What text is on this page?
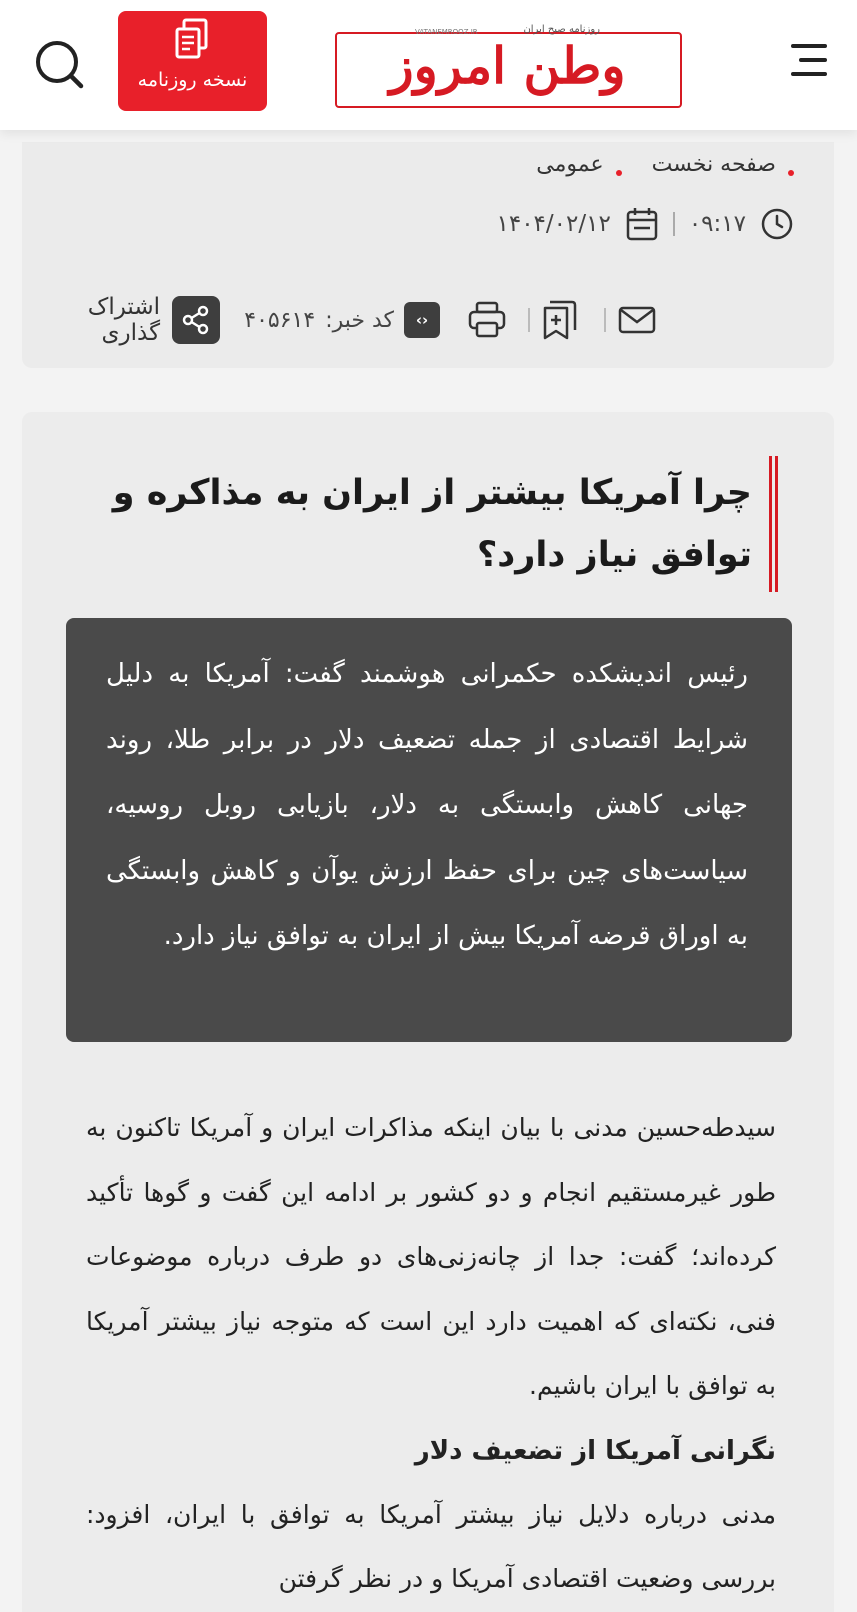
روزنامه صبح ایران
VATANEMROOZ.IR
وطن امروز
نسخه روزنامه
صفحه نخست
عمومی
۰۹:۱۷
۱۴۰۴/۰۲/۱۲
‹›
کد خبر:
۴۰۵۶۱۴
اشتراک گذاری
چرا آمریکا بیشتر از ایران به مذاکره و توافق نیاز دارد؟
رئیس اندیشکده حکمرانی هوشمند گفت: آمریکا به دلیل شرایط اقتصادی از جمله تضعیف دلار در برابر طلا، روند جهانی کاهش وابستگی به دلار، بازیابی روبل روسیه، سیاست‌های چین برای حفظ ارزش یوآن و کاهش وابستگی به اوراق قرضه آمریکا بیش از ایران به توافق نیاز دارد.

سیدطه‌حسین مدنی با بیان اینکه مذاکرات ایران و آمریکا تاکنون به طور غیرمستقیم انجام و دو کشور بر ادامه این گفت و گوها تأکید کرده‌اند؛ گفت: جدا از چانه‌زنی‌های دو طرف درباره موضوعات فنی، نکته‌ای که اهمیت دارد این است که متوجه نیاز بیشتر آمریکا به توافق با ایران باشیم.

نگرانی آمریکا از تضعیف دلار

مدنی درباره دلایل نیاز بیشتر آمریکا به توافق با ایران، افزود: بررسی وضعیت اقتصادی آمریکا و در نظر گرفتن
